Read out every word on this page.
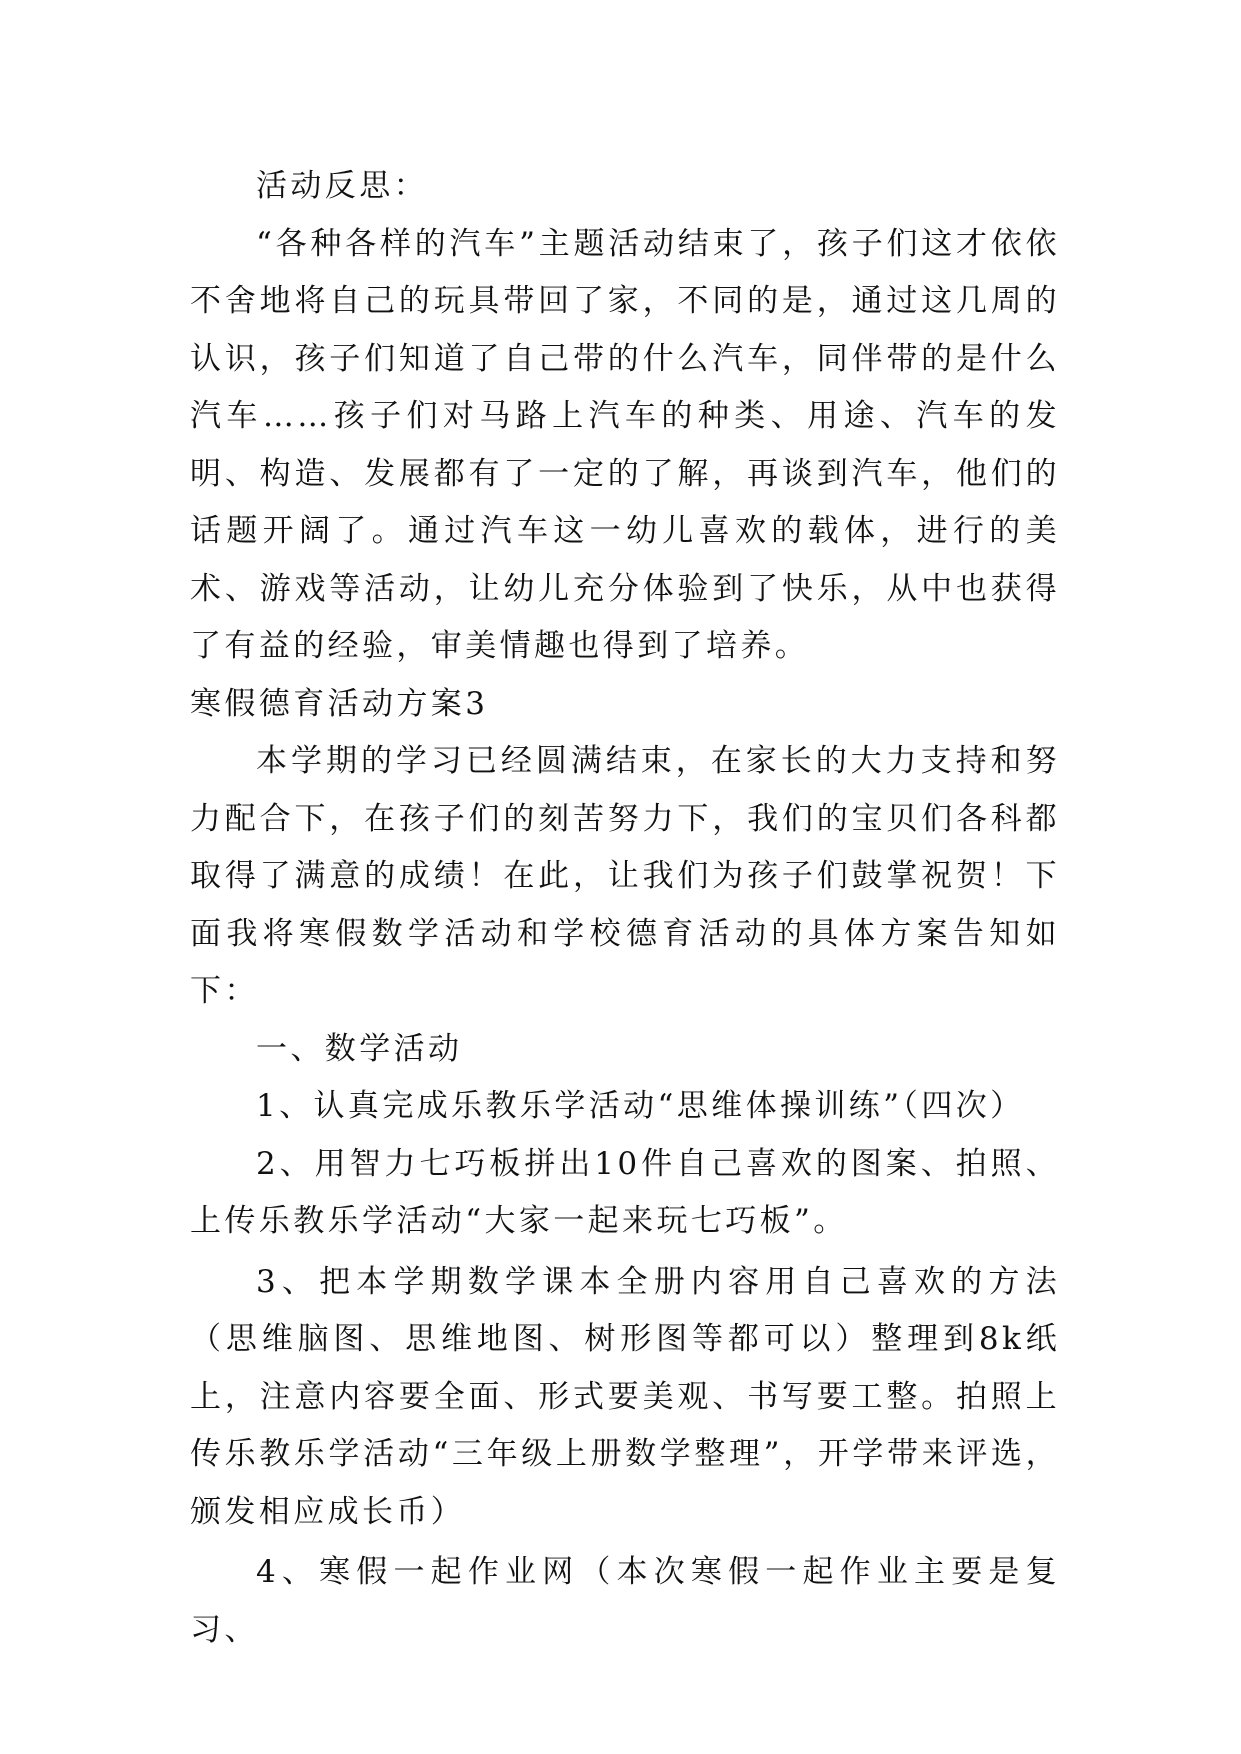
活动反思：

“各种各样的汽车”主题活动结束了，孩子们这才依依不舍地将自己的玩具带回了家，不同的是，通过这几周的认识，孩子们知道了自己带的什么汽车，同伴带的是什么汽车……孩子们对马路上汽车的种类、用途、汽车的发明、构造、发展都有了一定的了解，再谈到汽车，他们的话题开阔了。通过汽车这一幼儿喜欢的载体，进行的美术、游戏等活动，让幼儿充分体验到了快乐，从中也获得了有益的经验，审美情趣也得到了培养。

寒假德育活动方案3

本学期的学习已经圆满结束，在家长的大力支持和努力配合下，在孩子们的刻苦努力下，我们的宝贝们各科都取得了满意的成绩！在此，让我们为孩子们鼓掌祝贺！下面我将寒假数学活动和学校德育活动的具体方案告知如下：

一、数学活动

1、认真完成乐教乐学活动“思维体操训练”（四次）

2、用智力七巧板拼出10件自己喜欢的图案、拍照、上传乐教乐学活动“大家一起来玩七巧板”。

3、把本学期数学课本全册内容用自己喜欢的方法（思维脑图、思维地图、树形图等都可以）整理到8k纸上，注意内容要全面、形式要美观、书写要工整。拍照上传乐教乐学活动“三年级上册数学整理”，开学带来评选，颁发相应成长币）

4、寒假一起作业网（本次寒假一起作业主要是复习、
